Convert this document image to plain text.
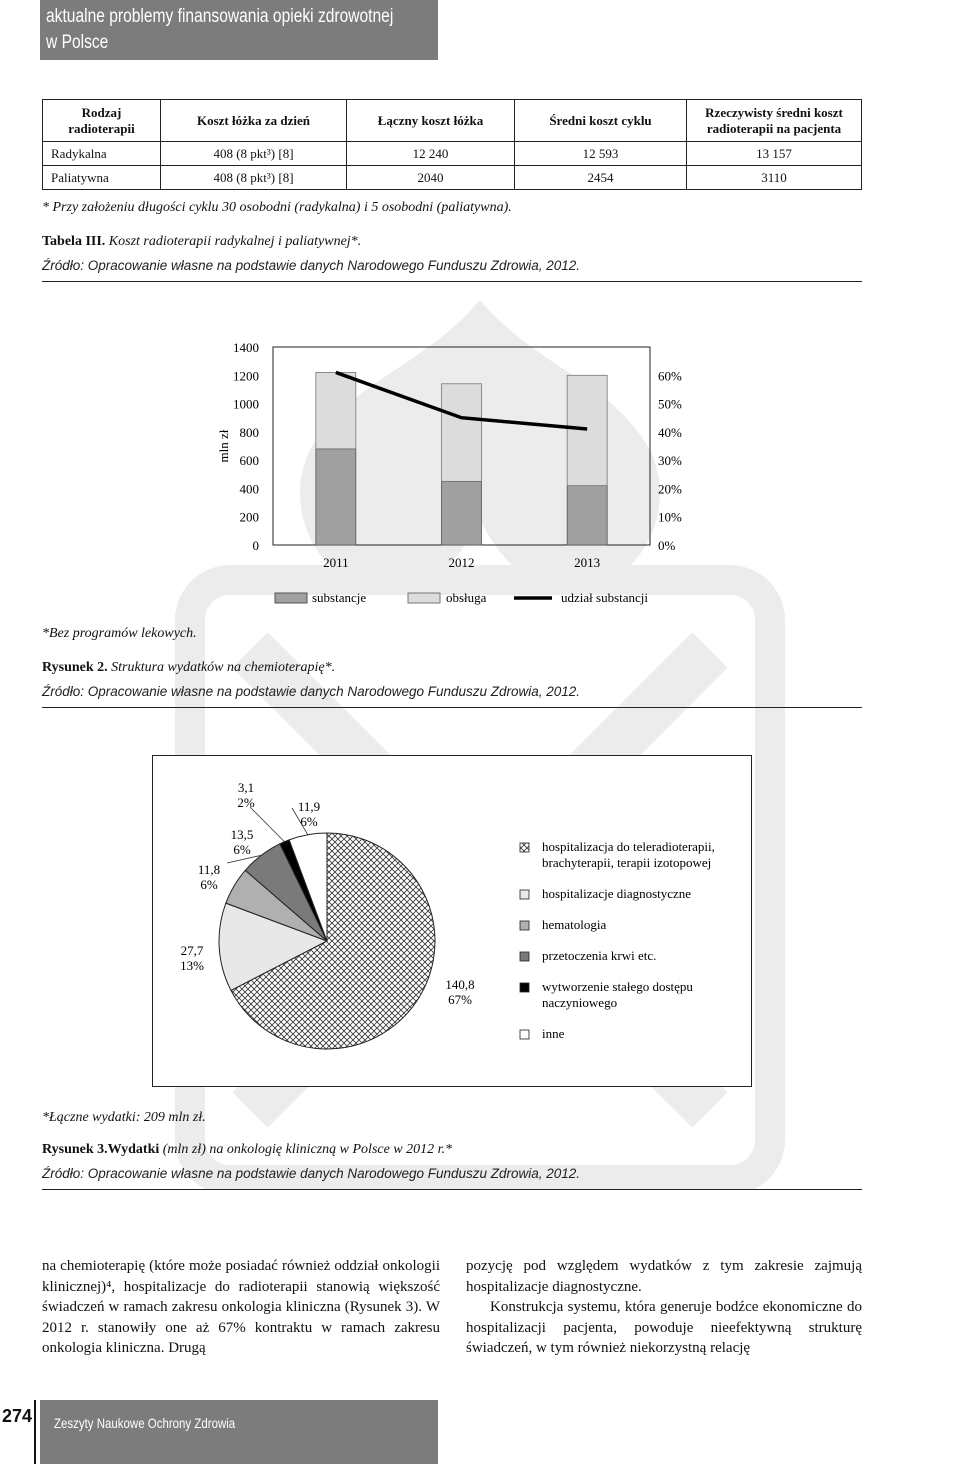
aktualne problemy finansowania opieki zdrowotnej
w Polsce
Rodzaj radioterapii	Koszt łóżka za dzień	Łączny koszt łóżka	Średni koszt cyklu	Rzeczywisty średni koszt radioterapii na pacjenta
Radykalna	408 (8 pkt³) [8]	12 240	12 593	13 157
Paliatywna	408 (8 pkt³) [8]	2040	2454	3110
* Przy założeniu długości cyklu 30 osobodni (radykalna) i 5 osobodni (paliatywna).
Tabela III. Koszt radioterapii radykalnej i paliatywnej*.
Źródło: Opracowanie własne na podstawie danych Narodowego Funduszu Zdrowia, 2012.
0
200
400
600
800
1000
1200
1400
0%
10%
20%
30%
40%
50%
60%
mln zł
2011	2012	2013
substancje	obsługa	udział substancji
*Bez programów lekowych.
Rysunek 2. Struktura wydatków na chemioterapię*.
Źródło: Opracowanie własne na podstawie danych Narodowego Funduszu Zdrowia, 2012.
140,8
67%
27,7
13%
11,8
6%
13,5
6%
3,1
2%	11,9
6%
hospitalizacja do teleradioterapii, brachyterapii, terapii izotopowej
hospitalizacje diagnostyczne
hematologia
przetoczenia krwi etc.
wytworzenie stałego dostępu naczyniowego
inne
*Łączne wydatki: 209 mln zł.
Rysunek 3.Wydatki (mln zł) na onkologię kliniczną w Polsce w 2012 r.*
Źródło: Opracowanie własne na podstawie danych Narodowego Funduszu Zdrowia, 2012.

na chemioterapię (które może posiadać również oddział onkologii klinicznej)⁴, hospitalizacje do radioterapii stanowią większość świadczeń w ramach zakresu onkologia kliniczna (Rysunek 3). W 2012 r. stanowiły one aż 67% kontraktu w ramach zakresu onkologia kliniczna. Drugą

pozycję pod względem wydatków z tym zakresie zajmują hospitalizacje diagnostyczne.

Konstrukcja systemu, która generuje bodźce ekonomiczne do hospitalizacji pacjenta, powoduje nieefektywną strukturę świadczeń, w tym również niekorzystną relację

274	Zeszyty Naukowe Ochrony Zdrowia
